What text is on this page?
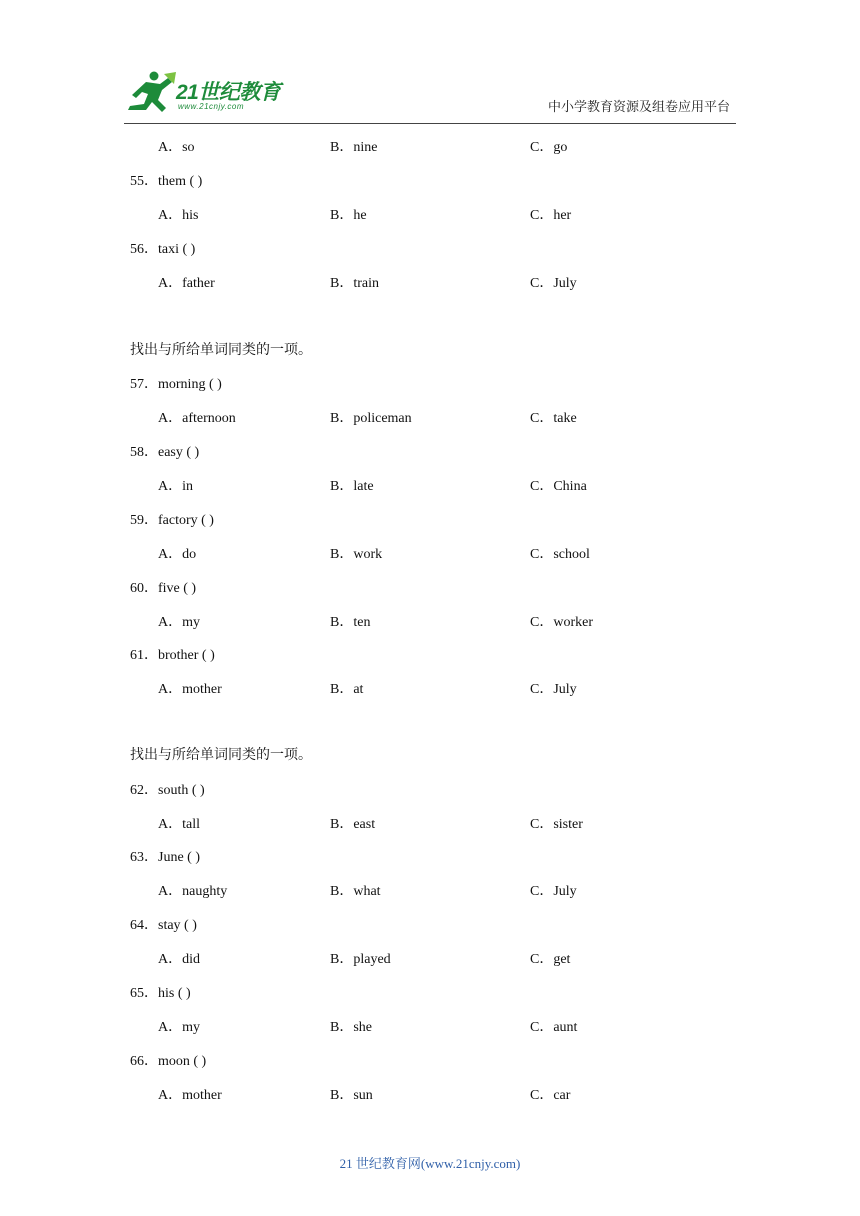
21世纪教育
www.21cnjy.com	中小学教育资源及组卷应用平台
A．so	B．nine	C．go
55．them ( )
A．his	B．he	C．her
56．taxi ( )
A．father	B．train	C．July
找出与所给单词同类的一项。
57．morning ( )
A．afternoon	B．policeman	C．take
58．easy ( )
A．in	B．late	C．China
59．factory ( )
A．do	B．work	C．school
60．five ( )
A．my	B．ten	C．worker
61．brother ( )
A．mother	B．at	C．July
找出与所给单词同类的一项。
62．south ( )
A．tall	B．east	C．sister
63．June ( )
A．naughty	B．what	C．July
64．stay ( )
A．did	B．played	C．get
65．his ( )
A．my	B．she	C．aunt
66．moon ( )
A．mother	B．sun	C．car
21 世纪教育网(www.21cnjy.com)
